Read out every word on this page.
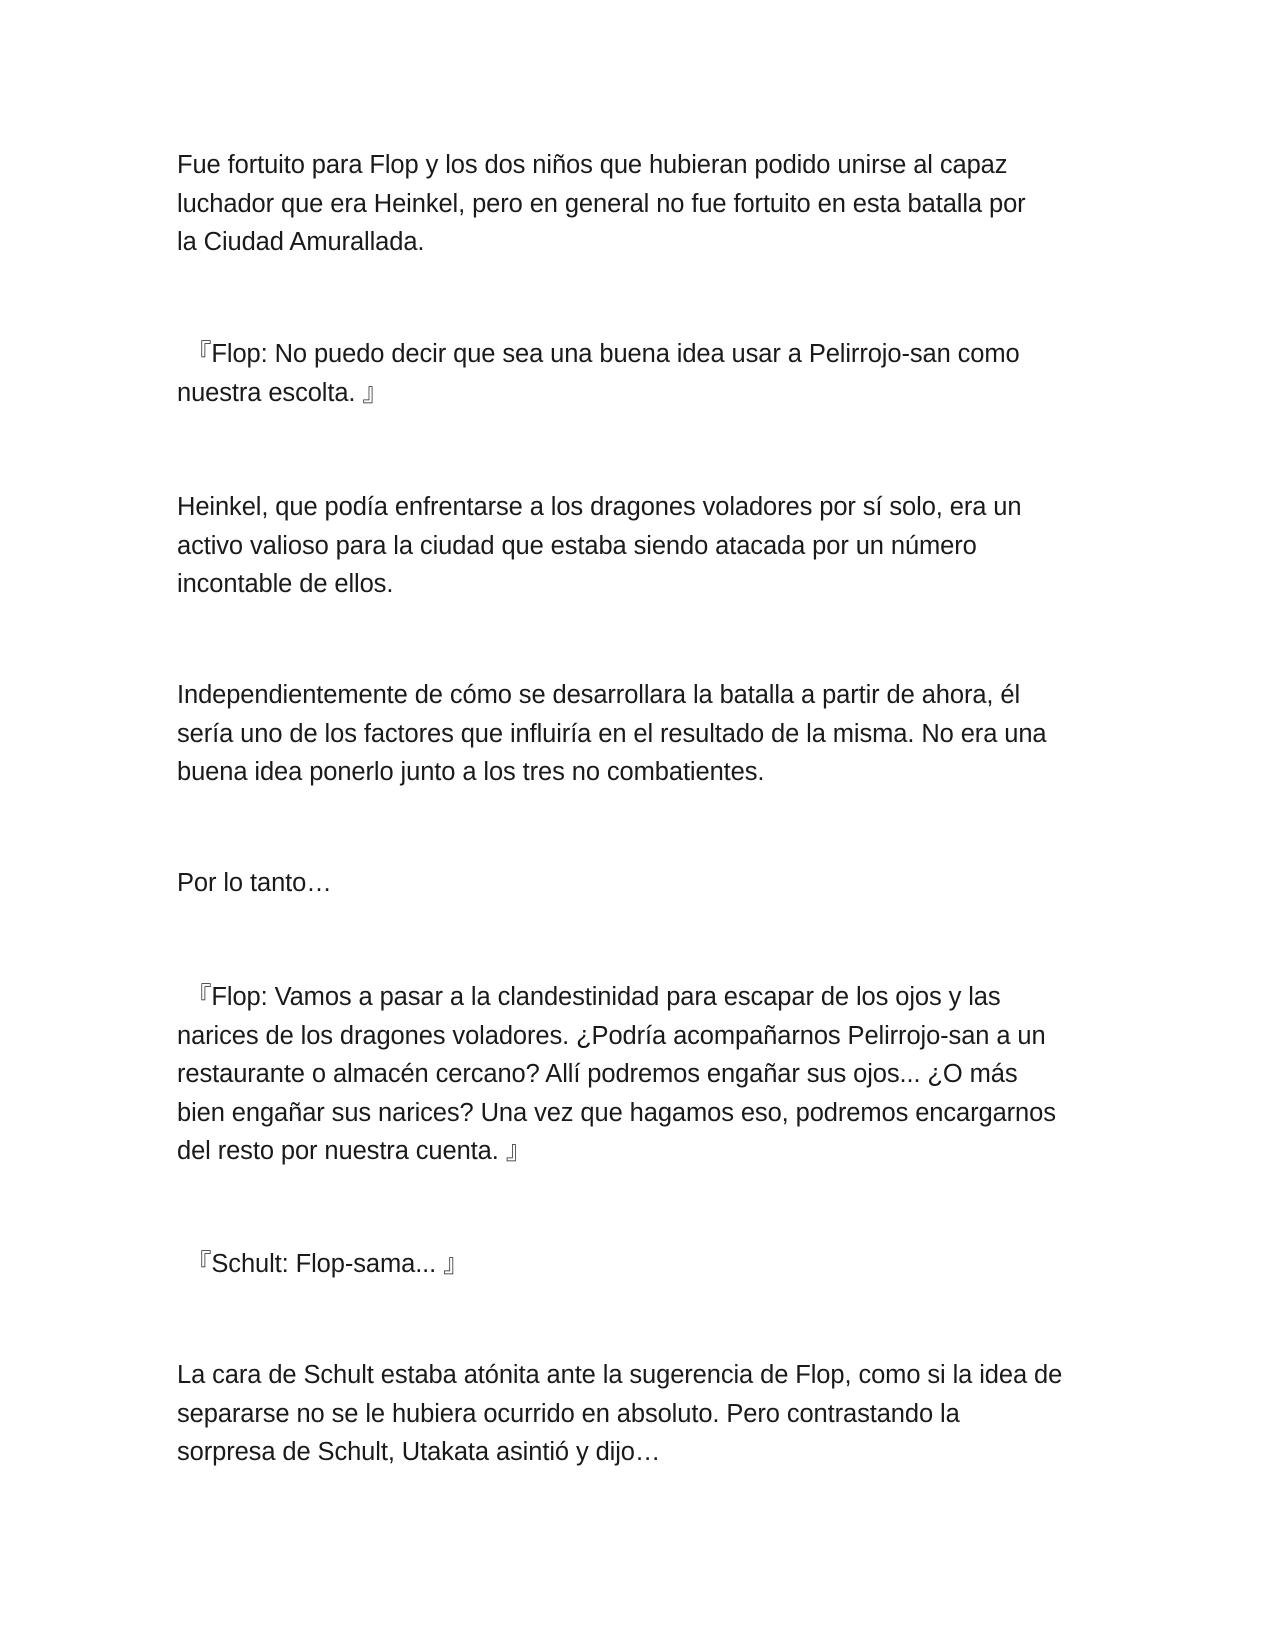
Fue fortuito para Flop y los dos niños que hubieran podido unirse al capaz
luchador que era Heinkel, pero en general no fue fortuito en esta batalla por
la Ciudad Amurallada.

『Flop: No puedo decir que sea una buena idea usar a Pelirrojo-san como
nuestra escolta. 』

Heinkel, que podía enfrentarse a los dragones voladores por sí solo, era un
activo valioso para la ciudad que estaba siendo atacada por un número
incontable de ellos.

Independientemente de cómo se desarrollara la batalla a partir de ahora, él
sería uno de los factores que influiría en el resultado de la misma. No era una
buena idea ponerlo junto a los tres no combatientes.

Por lo tanto…

『Flop: Vamos a pasar a la clandestinidad para escapar de los ojos y las
narices de los dragones voladores. ¿Podría acompañarnos Pelirrojo-san a un
restaurante o almacén cercano? Allí podremos engañar sus ojos... ¿O más
bien engañar sus narices? Una vez que hagamos eso, podremos encargarnos
del resto por nuestra cuenta. 』

『Schult: Flop-sama... 』

La cara de Schult estaba atónita ante la sugerencia de Flop, como si la idea de
separarse no se le hubiera ocurrido en absoluto. Pero contrastando la
sorpresa de Schult, Utakata asintió y dijo…
